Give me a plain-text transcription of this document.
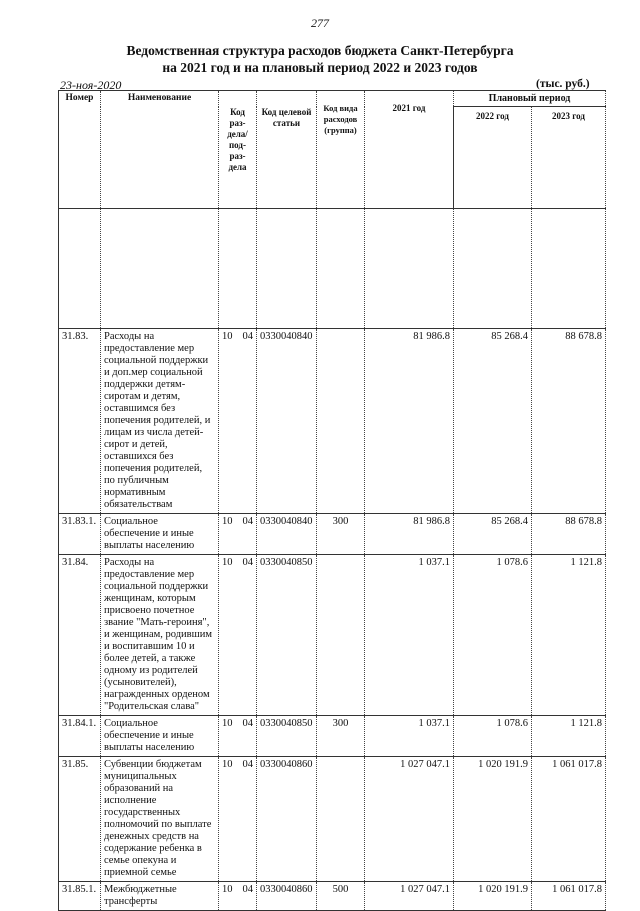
277
Ведомственная структура расходов бюджета Санкт-Петербурга
на 2021 год и на плановый период 2022 и 2023 годов
23-ноя-2020	(тыс. руб.)
Номер	Наименование	Код раз- дела/ под- раз- дела	Код целевой статьи	Код вида расходов (группа)	2021 год	Плановый период	
						2022 год	2023 год

31.83.	Расходы на предоставление мер социальной поддержки и доп.мер социальной поддержки детям-сиротам и детям, оставшимся без попечения родителей, и лицам из числа детей-сирот и детей, оставшихся без попечения родителей, по публичным нормативным обязательствам	10 04	0330040840		81 986.8	85 268.4	88 678.8
31.83.1.	Социальное обеспечение и иные выплаты населению	10 04	0330040840	300	81 986.8	85 268.4	88 678.8
31.84.	Расходы на предоставление мер социальной поддержки женщинам, которым присвоено почетное звание "Мать-героиня", и женщинам, родившим и воспитавшим 10 и более детей, а также одному из родителей (усыновителей), награжденных орденом "Родительская слава"	10 04	0330040850		1 037.1	1 078.6	1 121.8
31.84.1.	Социальное обеспечение и иные выплаты населению	10 04	0330040850	300	1 037.1	1 078.6	1 121.8
31.85.	Субвенции бюджетам муниципальных образований на исполнение государственных полномочий по выплате денежных средств на содержание ребенка в семье опекуна и приемной семье	10 04	0330040860		1 027 047.1	1 020 191.9	1 061 017.8
31.85.1.	Межбюджетные трансферты	10 04	0330040860	500	1 027 047.1	1 020 191.9	1 061 017.8
